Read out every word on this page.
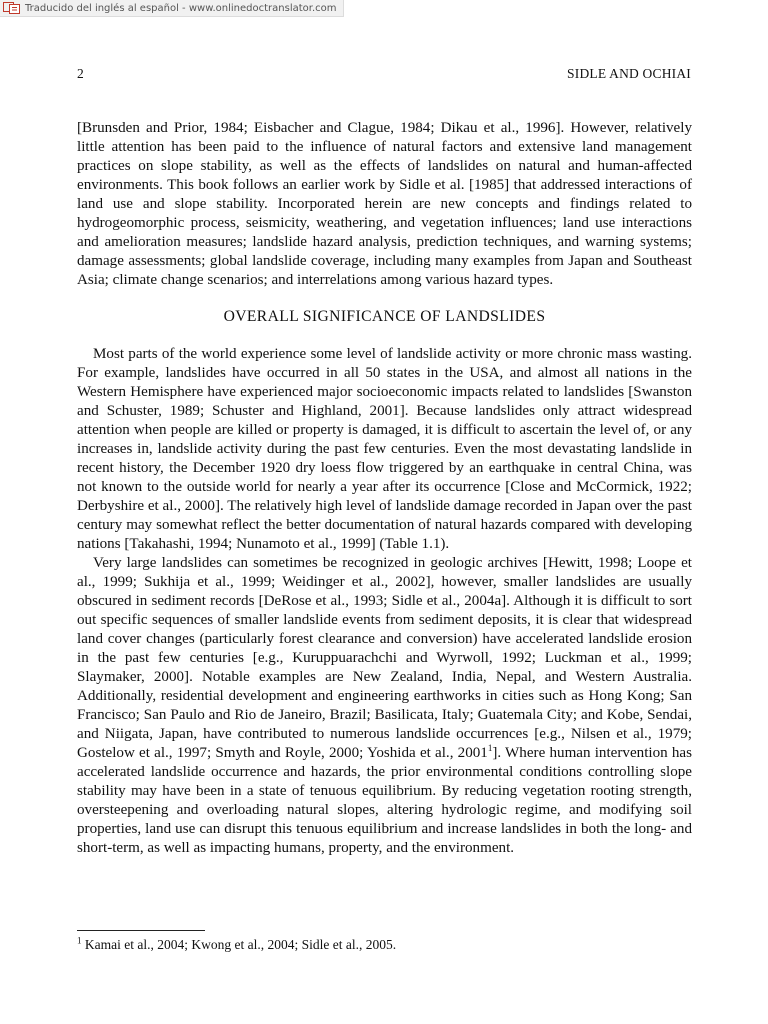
Traducido del inglés al español - www.onlinedoctranslator.com
2	SIDLE AND OCHIAI

[Brunsden and Prior, 1984; Eisbacher and Clague, 1984; Dikau et al., 1996]. However, relatively little attention has been paid to the influence of natural factors and extensive land management practices on slope stability, as well as the effects of landslides on natural and human-affected environments. This book follows an earlier work by Sidle et al. [1985] that addressed interactions of land use and slope stability. Incorporated herein are new concepts and findings related to hydrogeomorphic process, seismicity, weathering, and vegetation influences; land use interactions and amelioration measures; landslide hazard analysis, prediction techniques, and warning systems; damage assessments; global landslide coverage, including many examples from Japan and Southeast Asia; climate change scenarios; and interrelations among various hazard types.

OVERALL SIGNIFICANCE OF LANDSLIDES

Most parts of the world experience some level of landslide activity or more chronic mass wasting. For example, landslides have occurred in all 50 states in the USA, and almost all nations in the Western Hemisphere have experienced major socioeconomic impacts related to landslides [Swanston and Schuster, 1989; Schuster and Highland, 2001]. Because landslides only attract widespread attention when people are killed or property is damaged, it is difficult to ascertain the level of, or any increases in, landslide activity during the past few centuries. Even the most devastating landslide in recent history, the December 1920 dry loess flow triggered by an earthquake in central China, was not known to the outside world for nearly a year after its occurrence [Close and McCormick, 1922; Derbyshire et al., 2000]. The relatively high level of landslide damage recorded in Japan over the past century may somewhat reflect the better documentation of natural hazards compared with developing nations [Takahashi, 1994; Nunamoto et al., 1999] (Table 1.1).

Very large landslides can sometimes be recognized in geologic archives [Hewitt, 1998; Loope et al., 1999; Sukhija et al., 1999; Weidinger et al., 2002], however, smaller landslides are usually obscured in sediment records [DeRose et al., 1993; Sidle et al., 2004a]. Although it is difficult to sort out specific sequences of smaller landslide events from sediment deposits, it is clear that widespread land cover changes (particularly forest clearance and conversion) have accelerated landslide erosion in the past few centuries [e.g., Kuruppuarachchi and Wyrwoll, 1992; Luckman et al., 1999; Slaymaker, 2000]. Notable examples are New Zealand, India, Nepal, and Western Australia. Additionally, residential development and engineering earthworks in cities such as Hong Kong; San Francisco; San Paulo and Rio de Janeiro, Brazil; Basilicata, Italy; Guatemala City; and Kobe, Sendai, and Niigata, Japan, have contributed to numerous landslide occurrences [e.g., Nilsen et al., 1979; Gostelow et al., 1997; Smyth and Royle, 2000; Yoshida et al., 2001$^1$]. Where human intervention has accelerated landslide occurrence and hazards, the prior environmental conditions controlling slope stability may have been in a state of tenuous equilibrium. By reducing vegetation rooting strength, oversteepening and overloading natural slopes, altering hydrologic regime, and modifying soil properties, land use can disrupt this tenuous equilibrium and increase landslides in both the long- and short-term, as well as impacting humans, property, and the environment.

$^1$ Kamai et al., 2004; Kwong et al., 2004; Sidle et al., 2005.
